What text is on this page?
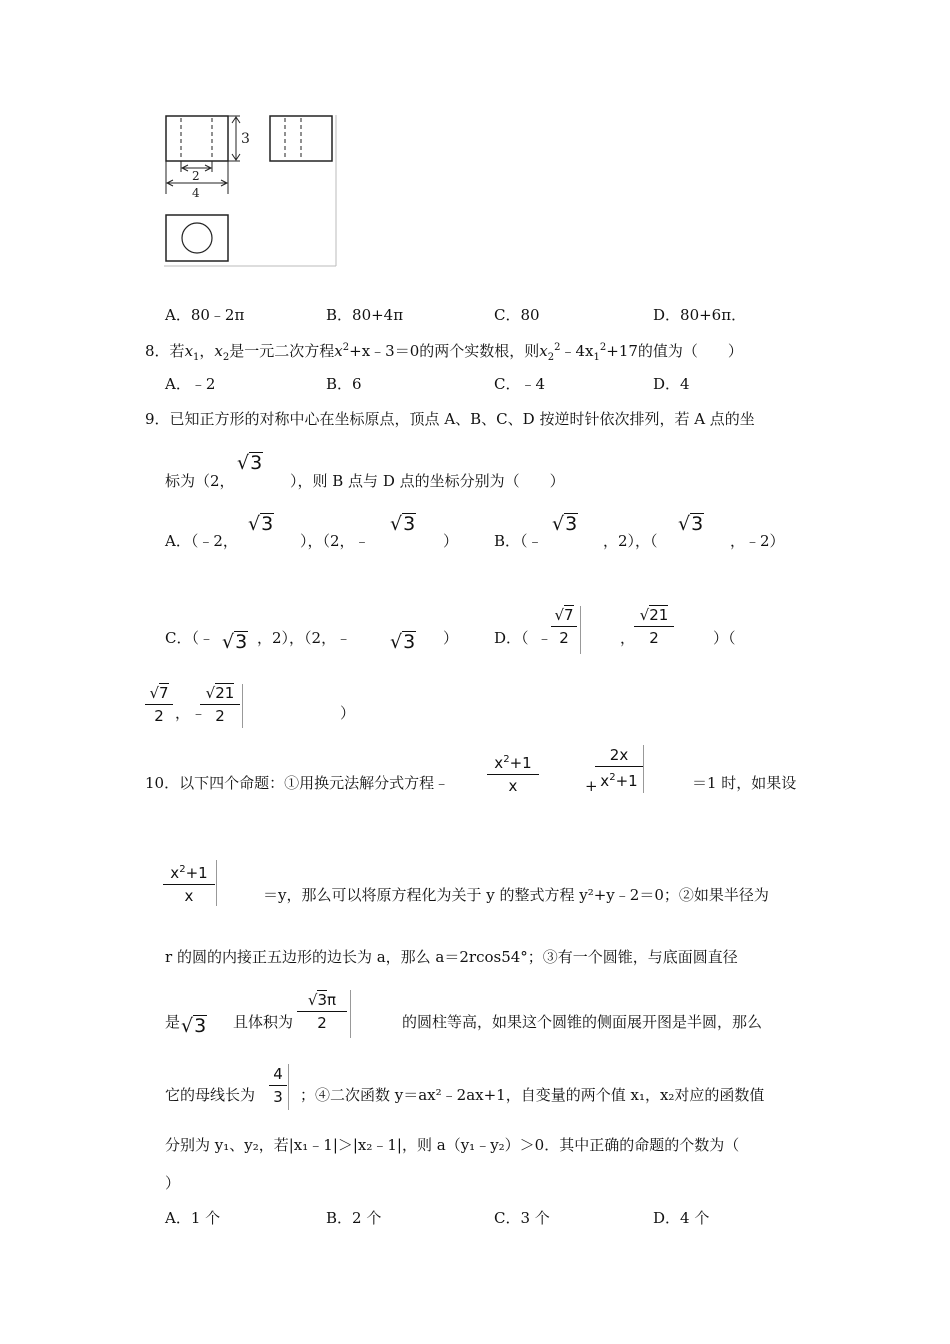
3
2
4
A．80﹣2π	B．80+4π	C．80	D．80+6π．
8．若$x_1$，$x_2$是一元二次方程$x^2+x﹣3=0$的两个实数根，则$x_2^2﹣4x_1^2+17$的值为（　　）
A．﹣2	B．6	C．﹣4	D．4
9．已知正方形的对称中心在坐标原点，顶点 A、B、C、D 按逆时针依次排列，若 A 点的坐
标为（2，
√3
），则 B 点与 D 点的坐标分别为（　　）
A．（﹣2，
√3
），（2，﹣
√3
） B．（﹣
√3
，2），（
√3
，﹣2）
C．（﹣ √3 ，2），（2，﹣ √3 ） D．（ ﹣
√7
2	，
√21
2	）（
√7
2 ， ﹣
√21
2	）
10．以下四个命题：①用换元法解分式方程﹣
$x^2+1$
x	+
2x
$x^2+1$	＝1 时，如果设
$x^2+1$
x	＝y，那么可以将原方程化为关于 y 的整式方程 y²+y﹣2＝0；②如果半径为
r 的圆的内接正五边形的边长为 a，那么 a＝2rcos54°；③有一个圆锥，与底面圆直径
是 √3 且体积为
√3π
2	的圆柱等高，如果这个圆锥的侧面展开图是半圆，那么
它的母线长为
4
3 ；④二次函数 y＝ax²﹣2ax+1，自变量的两个值 x₁，x₂对应的函数值
分别为 y₁、y₂，若|x₁﹣1|＞|x₂﹣1|，则 a（y₁﹣y₂）＞0．其中正确的命题的个数为（
）
A．1 个	B．2 个	C．3 个	D．4 个
